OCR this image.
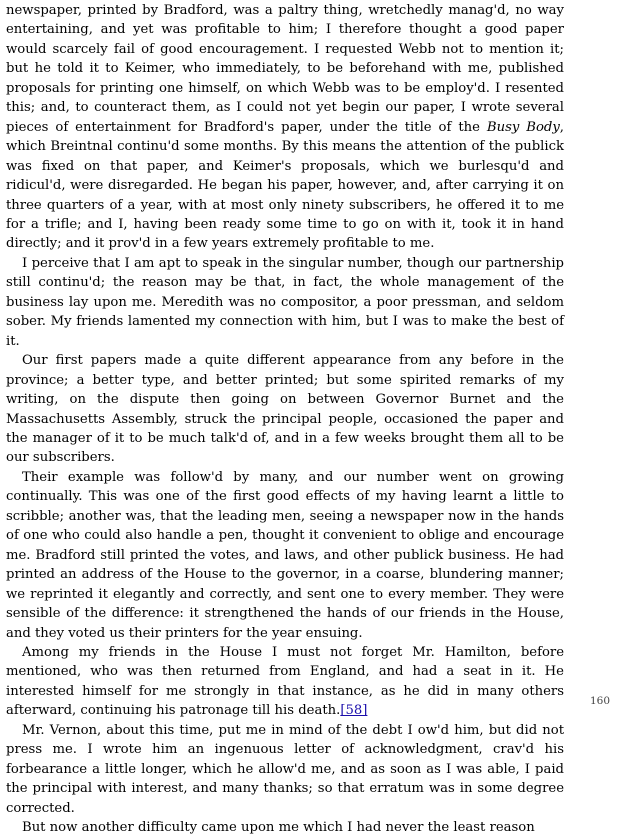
newspaper, printed by Bradford, was a paltry thing, wretchedly manag'd, no way entertaining, and yet was profitable to him; I therefore thought a good paper would scarcely fail of good encouragement. I requested Webb not to mention it; but he told it to Keimer, who immediately, to be beforehand with me, published proposals for printing one himself, on which Webb was to be employ'd. I resented this; and, to counteract them, as I could not yet begin our paper, I wrote several pieces of entertainment for Bradford's paper, under the title of the Busy Body, which Breintnal continu'd some months. By this means the attention of the publick was fixed on that paper, and Keimer's proposals, which we burlesqu'd and ridicul'd, were disregarded. He began his paper, however, and, after carrying it on three quarters of a year, with at most only ninety subscribers, he offered it to me for a trifle; and I, having been ready some time to go on with it, took it in hand directly; and it prov'd in a few years extremely profitable to me.

I perceive that I am apt to speak in the singular number, though our partnership still continu'd; the reason may be that, in fact, the whole management of the business lay upon me. Meredith was no compositor, a poor pressman, and seldom sober. My friends lamented my connection with him, but I was to make the best of it.

Our first papers made a quite different appearance from any before in the province; a better type, and better printed; but some spirited remarks of my writing, on the dispute then going on between Governor Burnet and the Massachusetts Assembly, struck the principal people, occasioned the paper and the manager of it to be much talk'd of, and in a few weeks brought them all to be our subscribers.

Their example was follow'd by many, and our number went on growing continually. This was one of the first good effects of my having learnt a little to scribble; another was, that the leading men, seeing a newspaper now in the hands of one who could also handle a pen, thought it convenient to oblige and encourage me. Bradford still printed the votes, and laws, and other publick business. He had printed an address of the House to the governor, in a coarse, blundering manner; we reprinted it elegantly and correctly, and sent one to every member. They were sensible of the difference: it strengthened the hands of our friends in the House, and they voted us their printers for the year ensuing.

Among my friends in the House I must not forget Mr. Hamilton, before mentioned, who was then returned from England, and had a seat in it. He interested himself for me strongly in that instance, as he did in many others afterward, continuing his patronage till his death.[58]

Mr. Vernon, about this time, put me in mind of the debt I ow'd him, but did not press me. I wrote him an ingenuous letter of acknowledgment, crav'd his forbearance a little longer, which he allow'd me, and as soon as I was able, I paid the principal with interest, and many thanks; so that erratum was in some degree corrected.

But now another difficulty came upon me which I had never the least reason

160
